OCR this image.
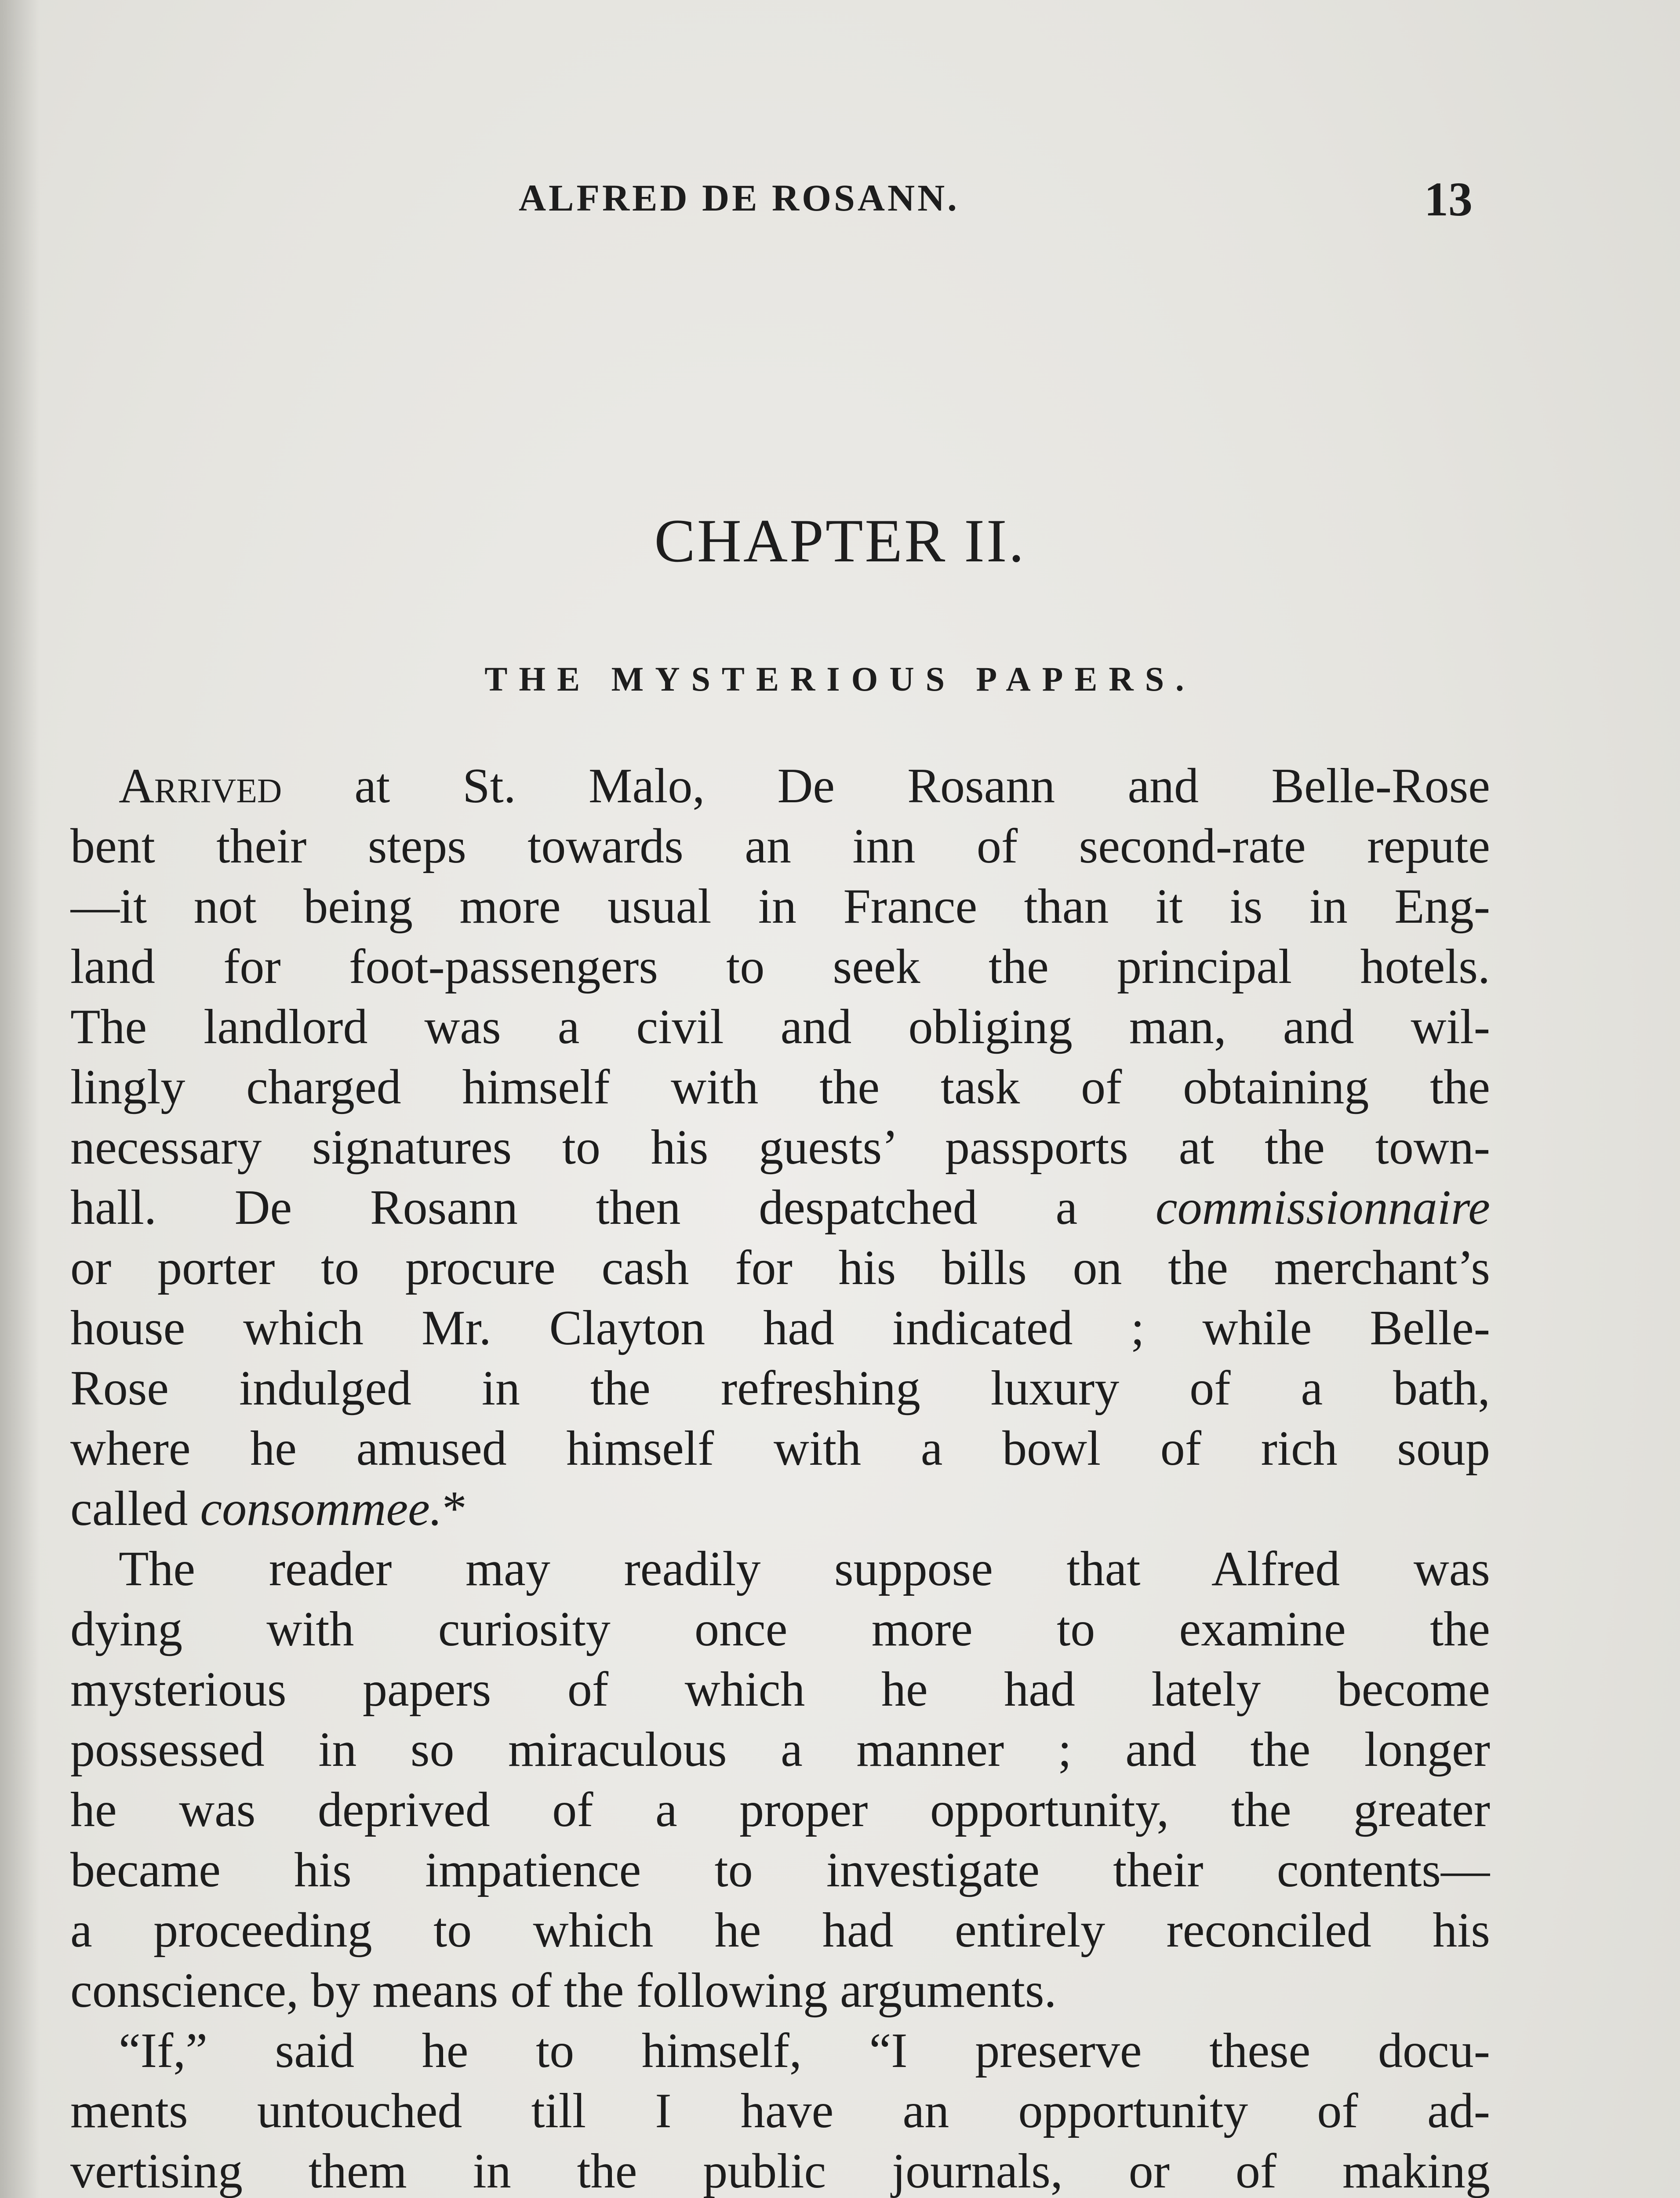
ALFRED DE ROSANN.	13
CHAPTER II.
THE MYSTERIOUS PAPERS.
Arrived at St. Malo, De Rosann and Belle-Rose
bent their steps towards an inn of second-rate repute
—it not being more usual in France than it is in Eng-
land for foot-passengers to seek the principal hotels.
The landlord was a civil and obliging man, and wil-
lingly charged himself with the task of obtaining the
necessary signatures to his guests’ passports at the town-
hall. De Rosann then despatched a commissionnaire
or porter to procure cash for his bills on the merchant’s
house which Mr. Clayton had indicated ; while Belle-
Rose indulged in the refreshing luxury of a bath,
where he amused himself with a bowl of rich soup
called consommee.*
The reader may readily suppose that Alfred was
dying with curiosity once more to examine the
mysterious papers of which he had lately become
possessed in so miraculous a manner ; and the longer
he was deprived of a proper opportunity, the greater
became his impatience to investigate their contents—
a proceeding to which he had entirely reconciled his
conscience, by means of the following arguments.
“If,” said he to himself, “I preserve these docu-
ments untouched till I have an opportunity of ad-
vertising them in the public journals, or of making
